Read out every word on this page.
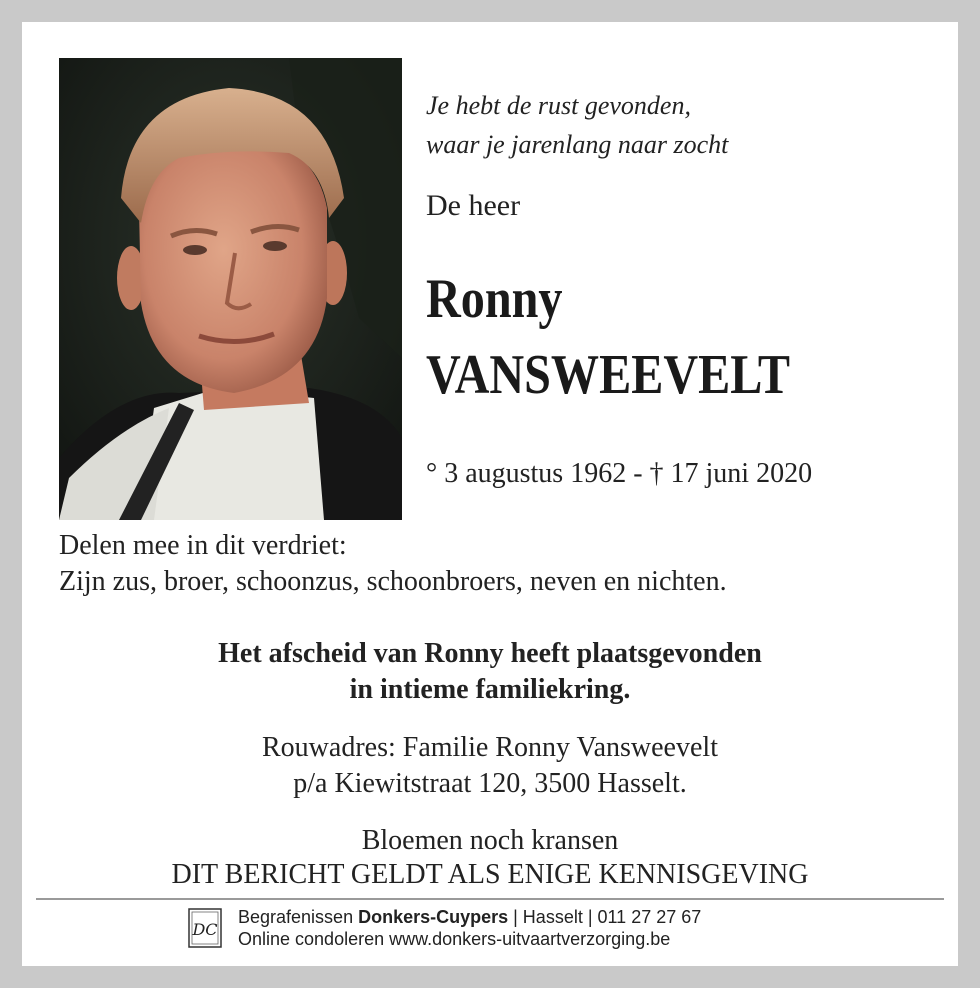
Je hebt de rust gevonden,
waar je jarenlang naar zocht
De heer
Ronny
VANSWEEVELT
° 3 augustus 1962 - † 17 juni 2020
Delen mee in dit verdriet:
Zijn zus, broer, schoonzus, schoonbroers, neven en nichten.
Het afscheid van Ronny heeft plaatsgevonden
in intieme familiekring.
Rouwadres: Familie Ronny Vansweevelt
p/a Kiewitstraat 120, 3500 Hasselt.
Bloemen noch kransen
DIT BERICHT GELDT ALS ENIGE KENNISGEVING
DC
Begrafenissen Donkers-Cuypers | Hasselt | 011 27 27 67
Online condoleren www.donkers-uitvaartverzorging.be
